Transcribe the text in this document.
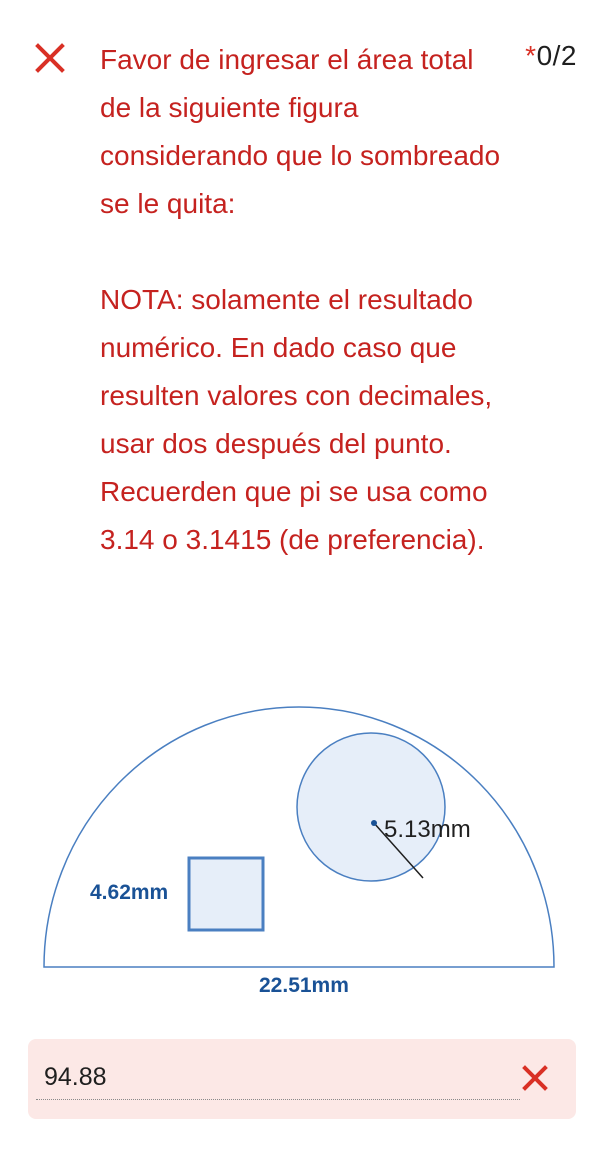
Favor de ingresar el área total de la siguiente figura considerando que lo sombreado se le quita:

NOTA: solamente el resultado numérico. En dado caso que resulten valores con decimales, usar dos después del punto. Recuerden que pi se usa como 3.14 o 3.1415 (de preferencia).
*0/2
5.13mm
4.62mm
22.51mm
94.88
